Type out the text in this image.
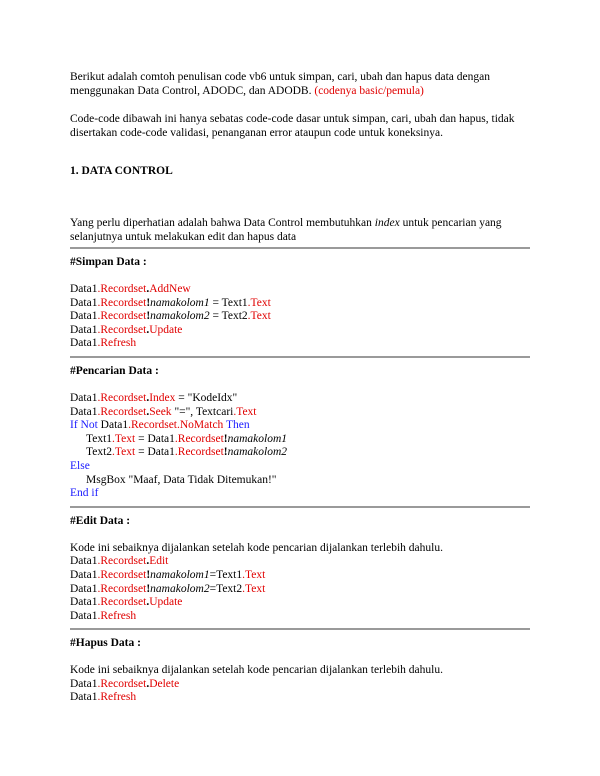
Berikut adalah comtoh penulisan code vb6 untuk simpan, cari, ubah dan hapus data dengan menggunakan Data Control, ADODC, dan ADODB. (codenya basic/pemula)

Code-code dibawah ini hanya sebatas code-code dasar untuk simpan, cari, ubah dan hapus, tidak disertakan code-code validasi, penanganan error ataupun code untuk koneksinya.

1. DATA CONTROL

Yang perlu diperhatian adalah bahwa Data Control membutuhkan index untuk pencarian yang selanjutnya untuk melakukan edit dan hapus data

#Simpan Data :

Data1.Recordset.AddNew

Data1.Recordset!namakolom1 = Text1.Text

Data1.Recordset!namakolom2 = Text2.Text

Data1.Recordset.Update

Data1.Refresh

#Pencarian Data :

Data1.Recordset.Index = "KodeIdx"

Data1.Recordset.Seek "=", Textcari.Text

If Not Data1.Recordset.NoMatch Then

Text1.Text = Data1.Recordset!namakolom1

Text2.Text = Data1.Recordset!namakolom2

Else

MsgBox "Maaf, Data Tidak Ditemukan!"

End if

#Edit Data :

Kode ini sebaiknya dijalankan setelah kode pencarian dijalankan terlebih dahulu.

Data1.Recordset.Edit

Data1.Recordset!namakolom1=Text1.Text

Data1.Recordset!namakolom2=Text2.Text

Data1.Recordset.Update

Data1.Refresh

#Hapus Data :

Kode ini sebaiknya dijalankan setelah kode pencarian dijalankan terlebih dahulu.

Data1.Recordset.Delete

Data1.Refresh
